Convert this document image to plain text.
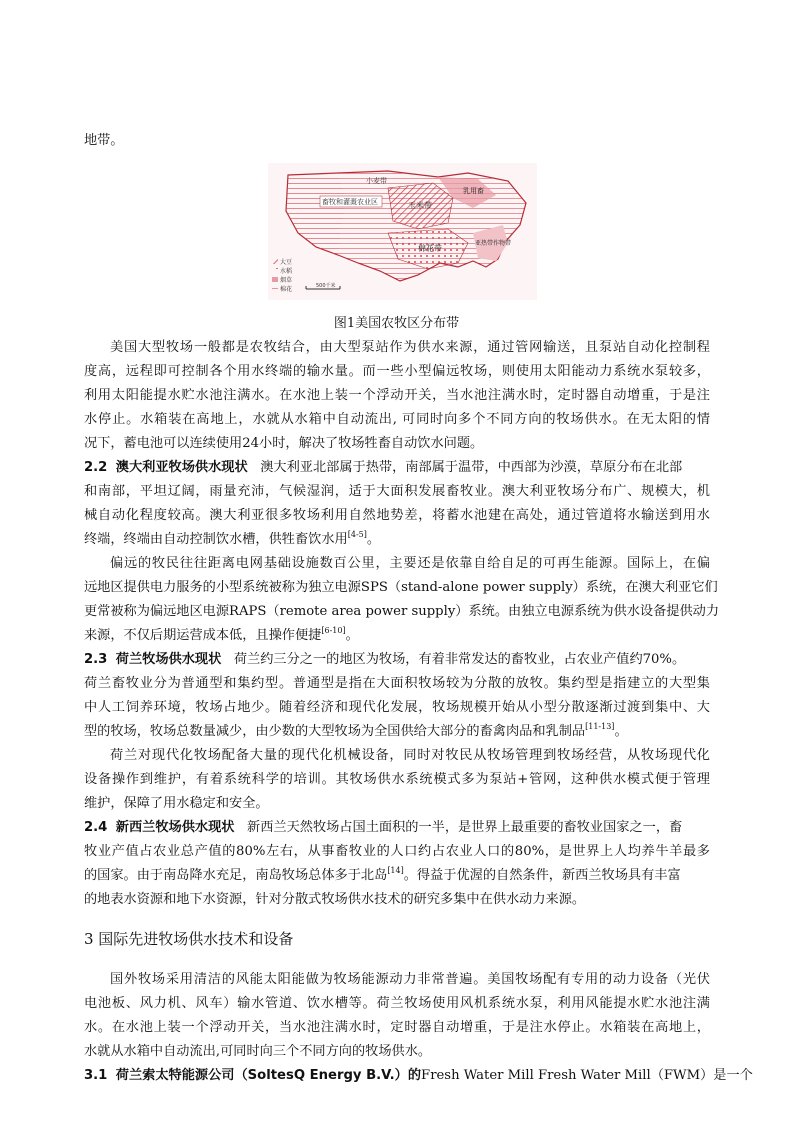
地带。
畜牧和灌溉农业区
小麦带
玉米带
乳用畜
棉花带
亚热带作物带
大豆
水稻
烟草
棉花	500千米
图1美国农牧区分布带
美国大型牧场一般都是农牧结合，由大型泵站作为供水来源，通过管网输送，且泵站自动化控制程
度高，远程即可控制各个用水终端的输水量。而一些小型偏远牧场，则使用太阳能动力系统水泵较多，
利用太阳能提水贮水池注满水。在水池上装一个浮动开关，当水池注满水时，定时器自动增重，于是注
水停止。水箱装在高地上，水就从水箱中自动流出, 可同时向多个不同方向的牧场供水。在无太阳的情
况下，蓄电池可以连续使用24小时，解决了牧场牲畜自动饮水问题。
2.2 澳大利亚牧场供水现状 澳大利亚北部属于热带，南部属于温带，中西部为沙漠，草原分布在北部
和南部，平坦辽阔，雨量充沛，气候湿润，适于大面积发展畜牧业。澳大利亚牧场分布广、规模大，机
械自动化程度较高。澳大利亚很多牧场利用自然地势差，将蓄水池建在高处，通过管道将水输送到用水
终端，终端由自动控制饮水槽，供牲畜饮水用[4-5]。
偏远的牧民往往距离电网基础设施数百公里，主要还是依靠自给自足的可再生能源。国际上，在偏
远地区提供电力服务的小型系统被称为独立电源SPS（stand-alone power supply）系统，在澳大利亚它们
更常被称为偏远地区电源RAPS（remote area power supply）系统。由独立电源系统为供水设备提供动力
来源，不仅后期运营成本低，且操作便捷[6-10]。
2.3 荷兰牧场供水现状 荷兰约三分之一的地区为牧场，有着非常发达的畜牧业，占农业产值约70%。
荷兰畜牧业分为普通型和集约型。普通型是指在大面积牧场较为分散的放牧。集约型是指建立的大型集
中人工饲养环境，牧场占地少。随着经济和现代化发展，牧场规模开始从小型分散逐渐过渡到集中、大
型的牧场，牧场总数量减少，由少数的大型牧场为全国供给大部分的畜禽肉品和乳制品[11-13]。
荷兰对现代化牧场配备大量的现代化机械设备，同时对牧民从牧场管理到牧场经营，从牧场现代化
设备操作到维护，有着系统科学的培训。其牧场供水系统模式多为泵站+管网，这种供水模式便于管理
维护，保障了用水稳定和安全。
2.4 新西兰牧场供水现状 新西兰天然牧场占国土面积的一半，是世界上最重要的畜牧业国家之一，畜
牧业产值占农业总产值的80%左右，从事畜牧业的人口约占农业人口的80%，是世界上人均养牛羊最多
的国家。由于南岛降水充足，南岛牧场总体多于北岛[14]。得益于优渥的自然条件，新西兰牧场具有丰富
的地表水资源和地下水资源，针对分散式牧场供水技术的研究多集中在供水动力来源。
3 国际先进牧场供水技术和设备
国外牧场采用清洁的风能太阳能做为牧场能源动力非常普遍。美国牧场配有专用的动力设备（光伏
电池板、风力机、风车）输水管道、饮水槽等。荷兰牧场使用风机系统水泵，利用风能提水贮水池注满
水。在水池上装一个浮动开关，当水池注满水时，定时器自动增重，于是注水停止。水箱装在高地上，
水就从水箱中自动流出,可同时向三个不同方向的牧场供水。
3.1 荷兰索太特能源公司（SoltesQ Energy B.V.）的Fresh Water Mill Fresh Water Mill（FWM）是一个
